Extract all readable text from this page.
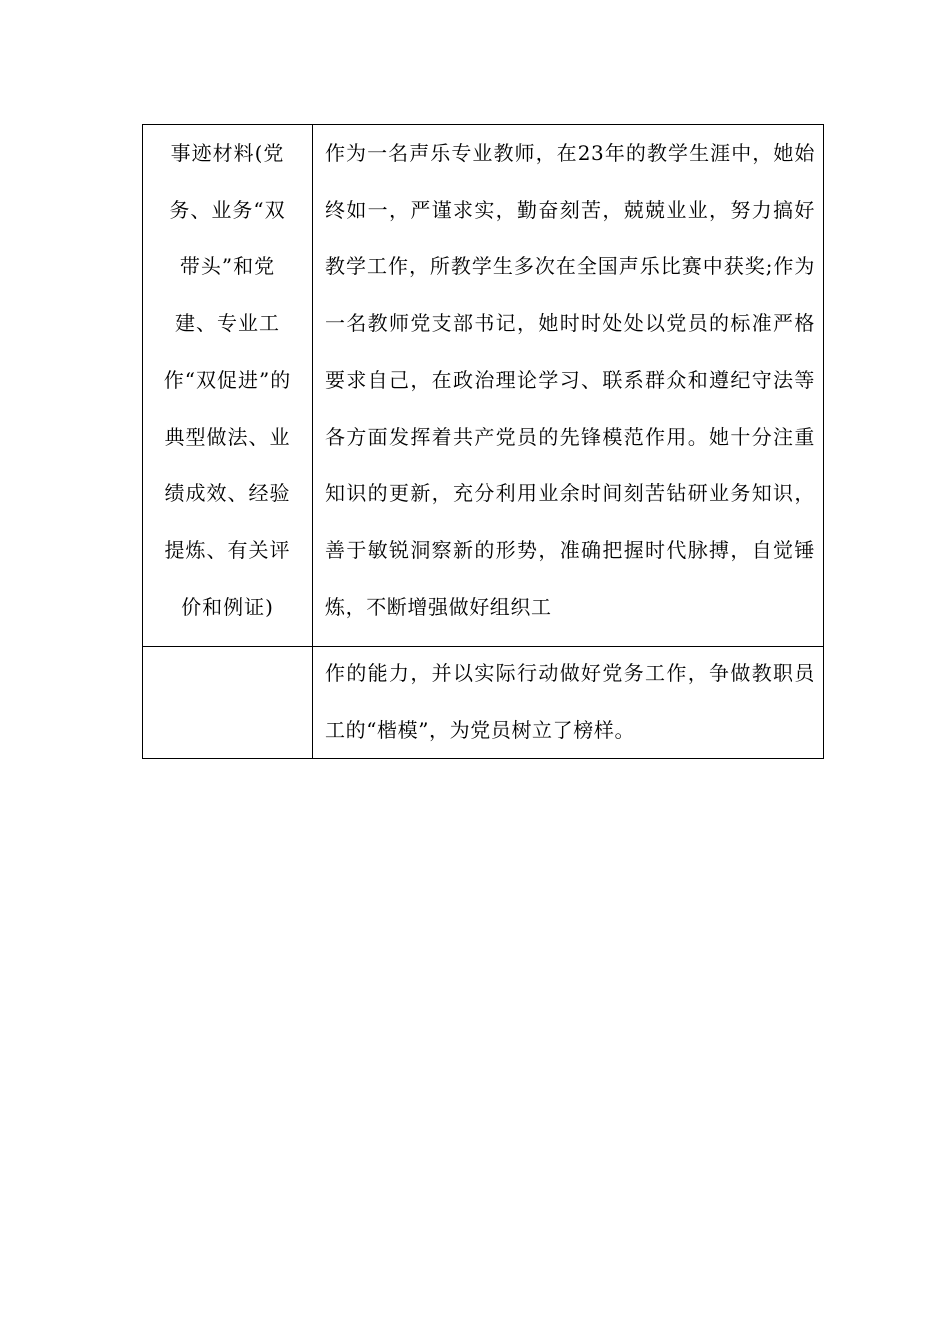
事迹材料(党务、业务“双带头”和党建、专业工作“双促进”的典型做法、业绩成效、经验提炼、有关评价和例证)	作为一名声乐专业教师，在23年的教学生涯中，她始终如一，严谨求实，勤奋刻苦，兢兢业业，努力搞好教学工作，所教学生多次在全国声乐比赛中获奖;作为一名教师党支部书记，她时时处处以党员的标准严格要求自己，在政治理论学习、联系群众和遵纪守法等各方面发挥着共产党员的先锋模范作用。她十分注重知识的更新，充分利用业余时间刻苦钻研业务知识，善于敏锐洞察新的形势，准确把握时代脉搏，自觉锤炼，不断增强做好组织工

	作的能力，并以实际行动做好党务工作，争做教职员工的“楷模”，为党员树立了榜样。
